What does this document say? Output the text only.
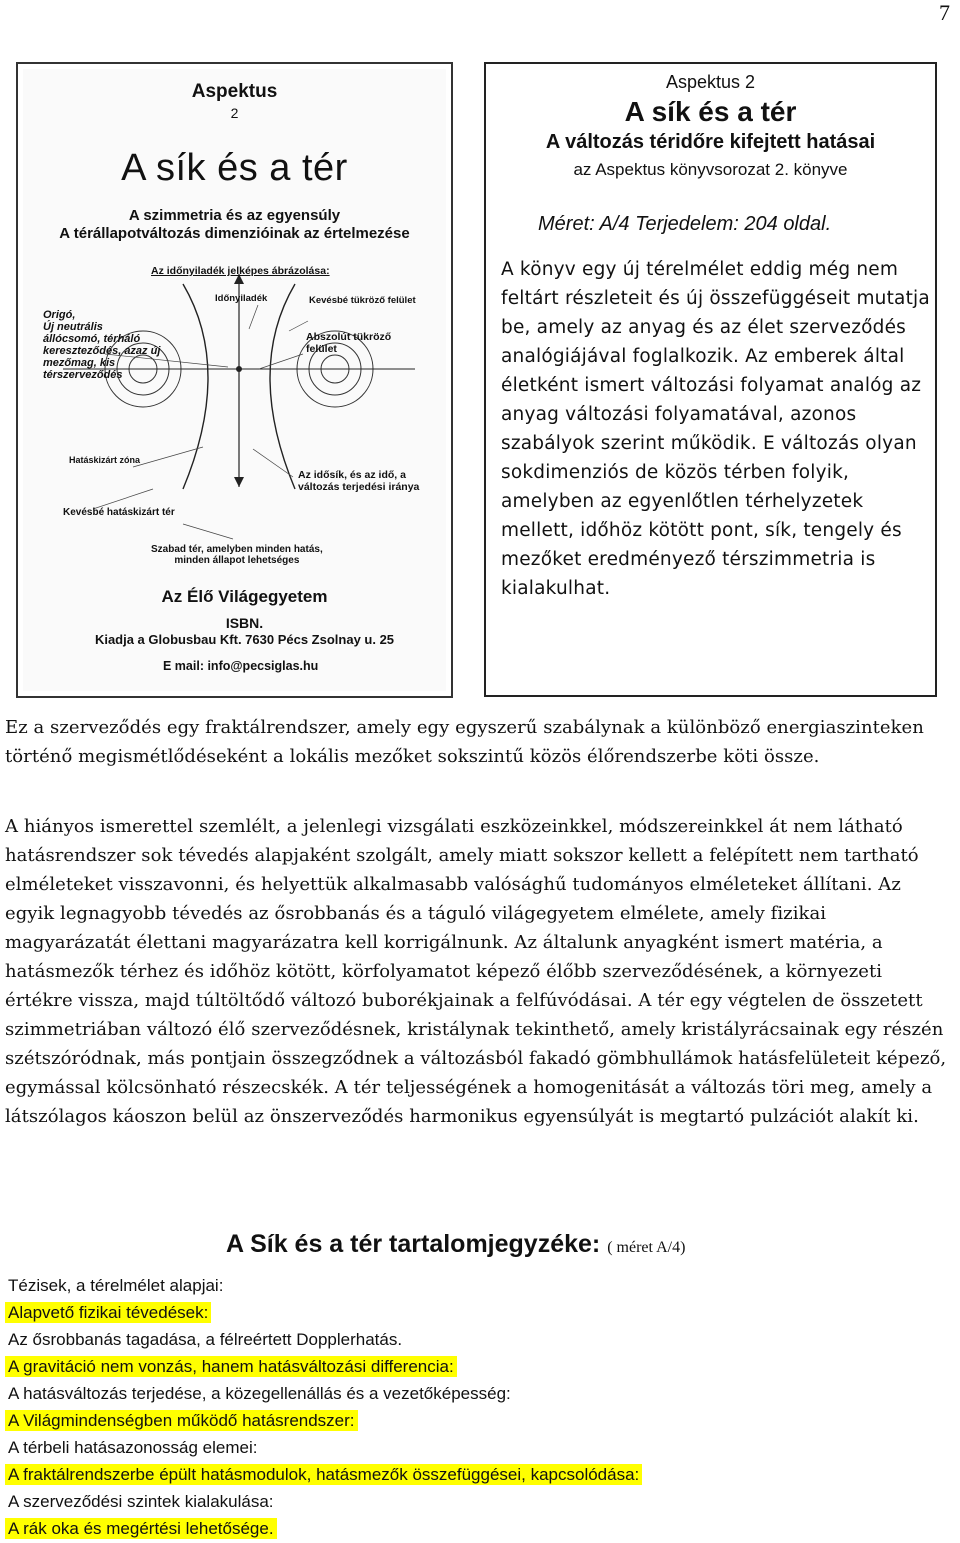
7
Aspektus
2
A sík és a tér
A szimmetria és az egyensúly
A térállapotváltozás dimenzióinak az értelmezése
Az időnyiladék jelképes ábrázolása:
Időnyiladék	Kevésbé tükröző felület
Origó,
Új neutrális
állócsomó, térháló
kereszteződés, azaz új
mezőmag, kis
térszerveződés
Abszolút tükröző
felület
Hatáskizárt zóna
Az idősík, és az idő, a
változás terjedési iránya
Kevésbé hatáskizárt tér
Szabad tér, amelyben minden hatás,
minden állapot lehetséges
Az Élő Világegyetem
ISBN.
Kiadja a Globusbau Kft. 7630 Pécs Zsolnay u. 25
E mail: info@pecsiglas.hu
Aspektus 2
A sík és a tér
A változás téridőre kifejtett hatásai
az Aspektus könyvsorozat 2. könyve
Méret: A/4 Terjedelem: 204 oldal.
A könyv egy új térelmélet eddig még nem feltárt részleteit és új összefüggéseit mutatja be, amely az anyag és az élet szerveződés analógiájával foglalkozik. Az emberek által életként ismert változási folyamat analóg az anyag változási folyamatával, azonos szabályok szerint működik. E változás olyan sokdimenziós de közös térben folyik, amelyben az egyenlőtlen térhelyzetek mellett, időhöz kötött pont, sík, tengely és mezőket eredményező térszimmetria is kialakulhat.
Ez a szerveződés egy fraktálrendszer, amely egy egyszerű szabálynak a különböző energiaszinteken történő megismétlődéseként a lokális mezőket sokszintű közös élőrendszerbe köti össze.
A hiányos ismerettel szemlélt, a jelenlegi vizsgálati eszközeinkkel, módszereinkkel át nem látható hatásrendszer sok tévedés alapjaként szolgált, amely miatt sokszor kellett a felépített nem tartható elméleteket visszavonni, és helyettük alkalmasabb valósághű tudományos elméleteket állítani. Az egyik legnagyobb tévedés az ősrobbanás és a táguló világegyetem elmélete, amely fizikai magyarázatát élettani magyarázatra kell korrigálnunk. Az általunk anyagként ismert matéria, a hatásmezők térhez és időhöz kötött, körfolyamatot képező élőbb szerveződésének, a környezeti értékre vissza, majd túltöltődő változó buborékjainak a felfúvódásai. A tér egy végtelen de összetett szimmetriában változó élő szerveződésnek, kristálynak tekinthető, amely kristályrácsainak egy részén szétszóródnak, más pontjain összegződnek a változásból fakadó gömbhullámok hatásfelületeit képező, egymással kölcsönható részecskék. A tér teljességének a homogenitását a változás töri meg, amely a látszólagos káoszon belül az önszerveződés harmonikus egyensúlyát is megtartó pulzációt alakít ki.
A Sík és a tér tartalomjegyzéke: ( méret A/4)
Tézisek, a térelmélet alapjai:
Alapvető fizikai tévedések:
Az ősrobbanás tagadása, a félreértett Dopplerhatás.
A gravitáció nem vonzás, hanem hatásváltozási differencia:
A hatásváltozás terjedése, a közegellenállás és a vezetőképesség:
A Világmindenségben működő hatásrendszer:
A térbeli hatásazonosság elemei:
A fraktálrendszerbe épült hatásmodulok, hatásmezők összefüggései, kapcsolódása:
A szerveződési szintek kialakulása:
A rák oka és megértési lehetősége.
